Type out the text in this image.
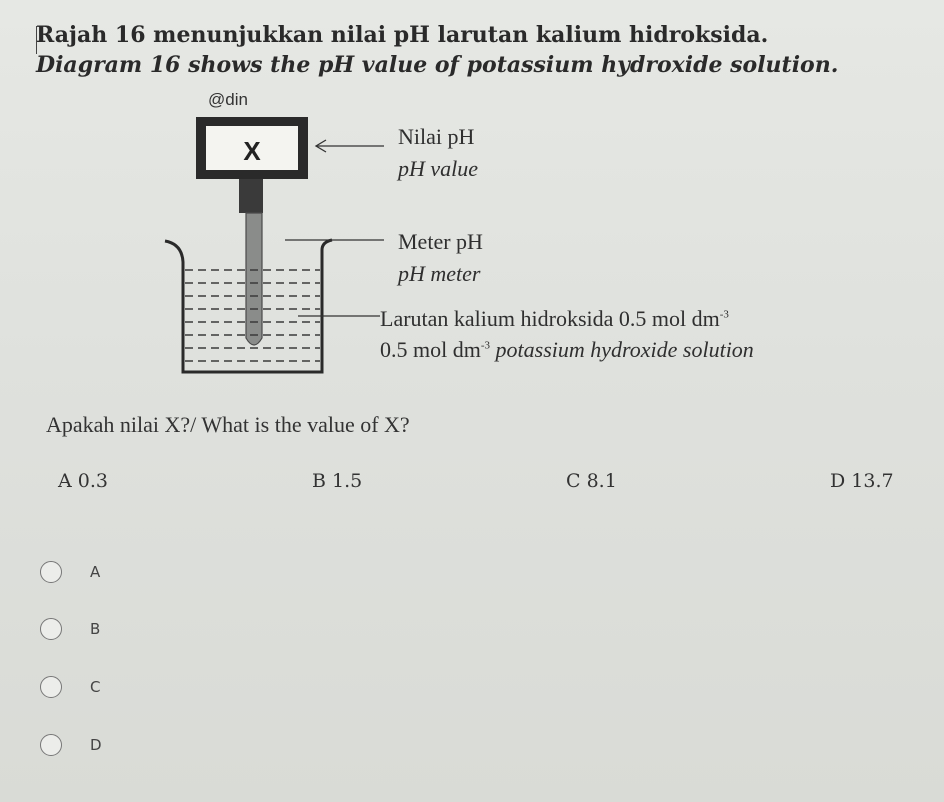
Rajah 16 menunjukkan nilai pH larutan kalium hidroksida.
Diagram 16 shows the pH value of potassium hydroxide solution.
@din
X	Nilai pH
pH value
Meter pH
pH meter
Larutan kalium hidroksida 0.5 mol $dm^{-3}$
0.5 mol $dm^{-3}$ potassium hydroxide solution
Apakah nilai X?/ What is the value of X?
A 0.3	B 1.5	C 8.1	D 13.7
A
B
C
D
